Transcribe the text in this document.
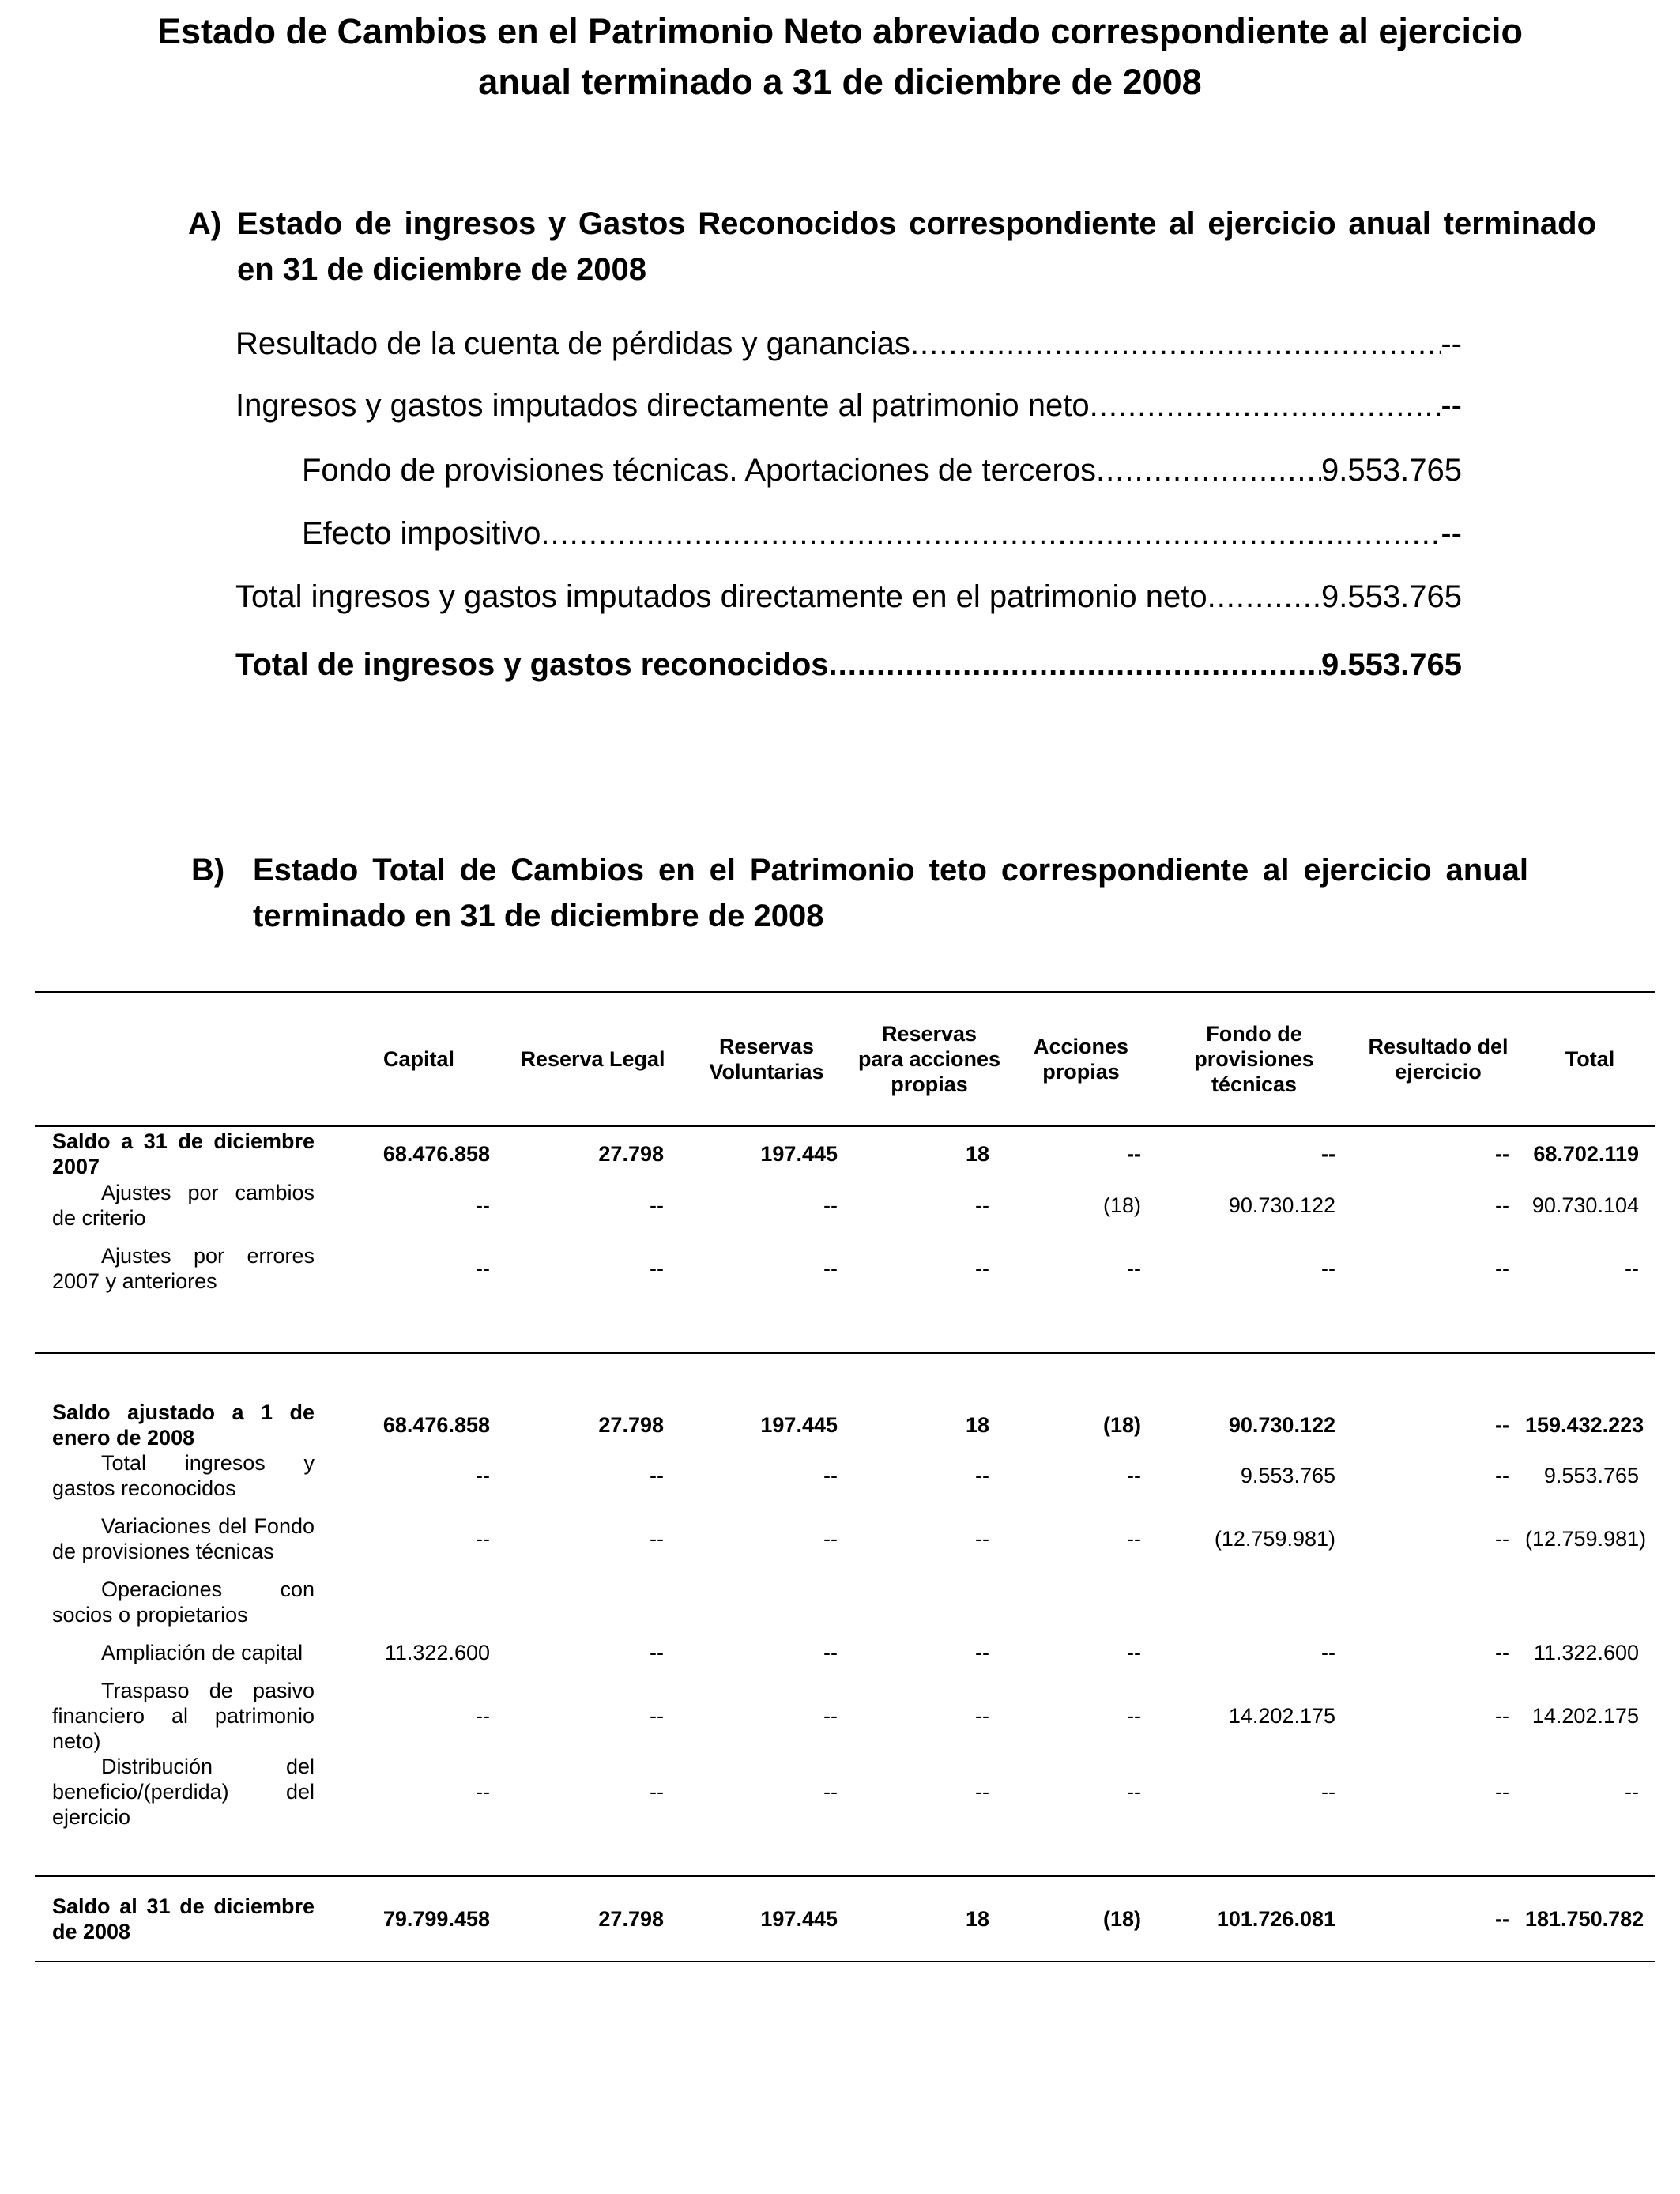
Estado de Cambios en el Patrimonio Neto abreviado correspondiente al ejercicio anual terminado a 31 de diciembre de 2008
A) Estado de ingresos y Gastos Reconocidos correspondiente al ejercicio anual terminado en 31 de diciembre de 2008
Resultado de la cuenta de pérdidas y ganancias .....	--
Ingresos y gastos imputados directamente al patrimonio neto .....	--
Fondo de provisiones técnicas. Aportaciones de terceros .....	9.553.765
Efecto impositivo .....	--
Total ingresos y gastos imputados directamente en el patrimonio neto .....	9.553.765
Total de ingresos y gastos reconocidos .....	9.553.765
B) Estado Total de Cambios en el Patrimonio teto correspondiente al ejercicio anual terminado en 31 de diciembre de 2008
	Capital	Reserva Legal	Reservas Voluntarias	Reservas para acciones propias	Acciones propias	Fondo de provisiones técnicas	Resultado del ejercicio	Total
Saldo a 31 de diciembre 2007	68.476.858	27.798	197.445	18	--	--	--	68.702.119
Ajustes por cambios de criterio	--	--	--	--	(18)	90.730.122	--	90.730.104
Ajustes por errores 2007 y anteriores	--	--	--	--	--	--	--	--

Saldo ajustado a 1 de enero de 2008	68.476.858	27.798	197.445	18	(18)	90.730.122	--	159.432.223
Total ingresos y gastos reconocidos	--	--	--	--	--	9.553.765	--	9.553.765
Variaciones del Fondo de provisiones técnicas	--	--	--	--	--	(12.759.981)	--	(12.759.981)
Operaciones con socios o propietarios								
Ampliación de capital	11.322.600	--	--	--	--	--	--	11.322.600
Traspaso de pasivo financiero al patrimonio neto)	--	--	--	--	--	14.202.175	--	14.202.175
Distribución del beneficio/(perdida) del ejercicio	--	--	--	--	--	--	--	--

Saldo al 31 de diciembre de 2008	79.799.458	27.798	197.445	18	(18)	101.726.081	--	181.750.782
